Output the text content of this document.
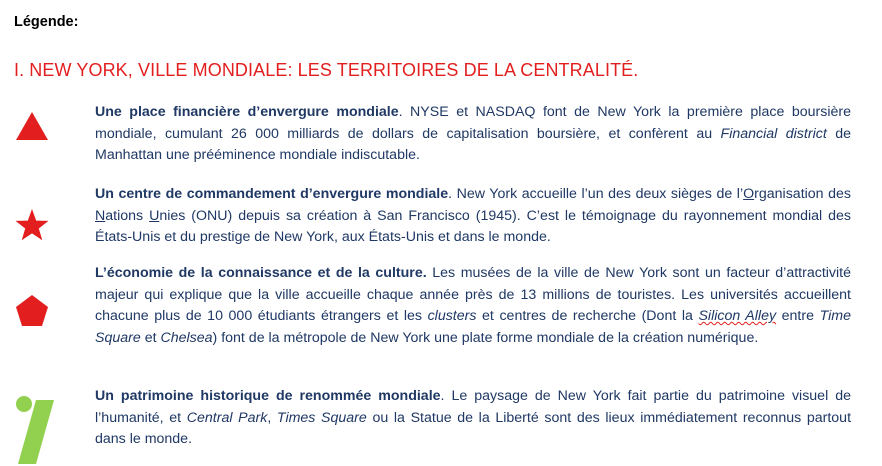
Légende:
I. NEW YORK, VILLE MONDIALE: LES TERRITOIRES DE LA CENTRALITÉ.
Une place financière d’envergure mondiale. NYSE et NASDAQ font de New York la première place boursière mondiale, cumulant 26 000 milliards de dollars de capitalisation boursière, et confèrent au Financial district de Manhattan une prééminence mondiale indiscutable.
Un centre de commandement d’envergure mondiale. New York accueille l’un des deux sièges de l’Organisation des Nations Unies (ONU) depuis sa création à San Francisco (1945). C’est le témoignage du rayonnement mondial des États-Unis et du prestige de New York, aux États-Unis et dans le monde.
L’économie de la connaissance et de la culture. Les musées de la ville de New York sont un facteur d’attractivité majeur qui explique que la ville accueille chaque année près de 13 millions de touristes. Les universités accueillent chacune plus de 10 000 étudiants étrangers et les clusters et centres de recherche (Dont la Silicon Alley entre Time Square et Chelsea) font de la métropole de New York une plate forme mondiale de la création numérique.
Un patrimoine historique de renommée mondiale. Le paysage de New York fait partie du patrimoine visuel de l’humanité, et Central Park, Times Square ou la Statue de la Liberté sont des lieux immédiatement reconnus partout dans le monde.
